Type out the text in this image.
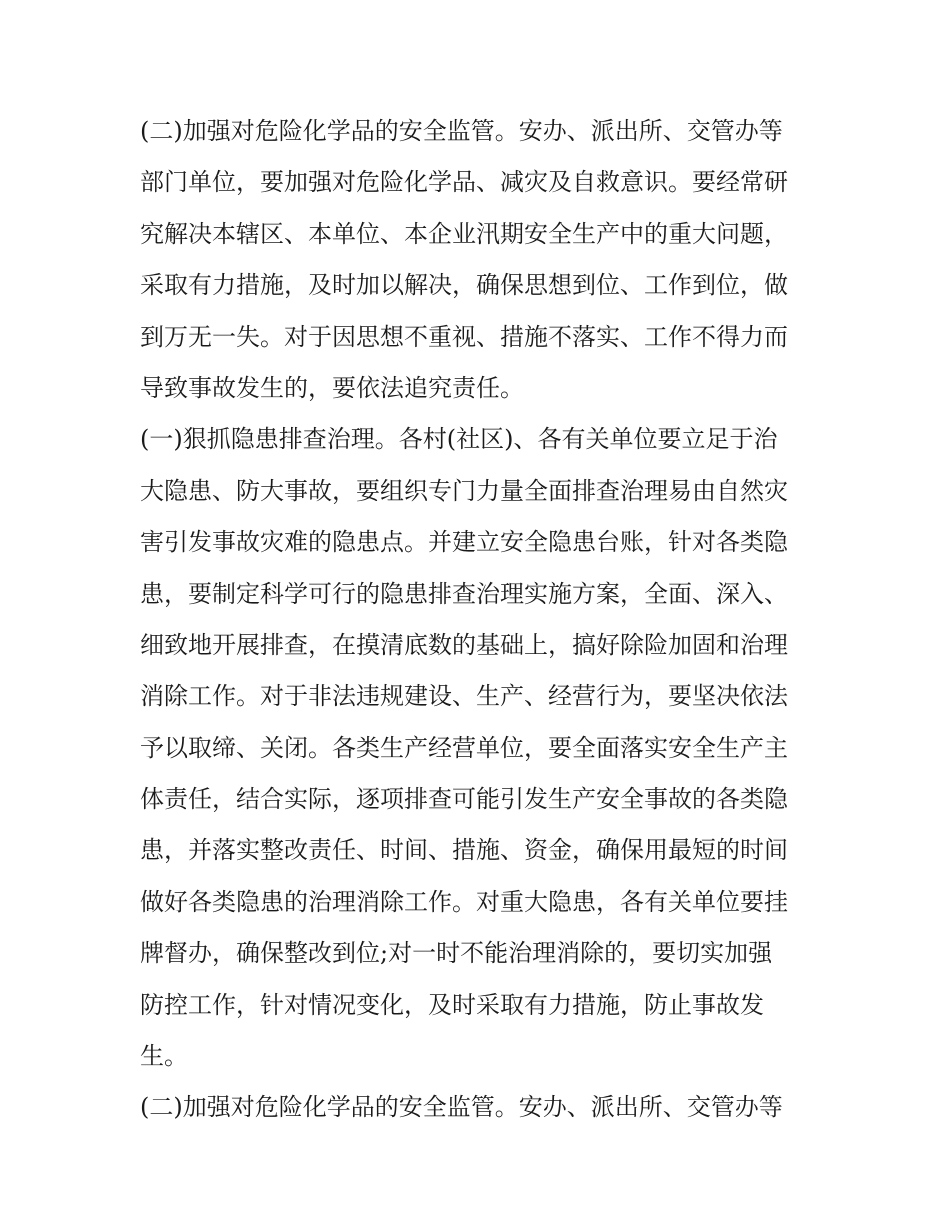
(二)加强对危险化学品的安全监管。安办、派出所、交管办等
部门单位，要加强对危险化学品、减灾及自救意识。要经常研
究解决本辖区、本单位、本企业汛期安全生产中的重大问题，
采取有力措施，及时加以解决，确保思想到位、工作到位，做
到万无一失。对于因思想不重视、措施不落实、工作不得力而
导致事故发生的，要依法追究责任。
(一)狠抓隐患排查治理。各村(社区)、各有关单位要立足于治
大隐患、防大事故，要组织专门力量全面排查治理易由自然灾
害引发事故灾难的隐患点。并建立安全隐患台账，针对各类隐
患，要制定科学可行的隐患排查治理实施方案，全面、深入、
细致地开展排查，在摸清底数的基础上，搞好除险加固和治理
消除工作。对于非法违规建设、生产、经营行为，要坚决依法
予以取缔、关闭。各类生产经营单位，要全面落实安全生产主
体责任，结合实际，逐项排查可能引发生产安全事故的各类隐
患，并落实整改责任、时间、措施、资金，确保用最短的时间
做好各类隐患的治理消除工作。对重大隐患，各有关单位要挂
牌督办，确保整改到位;对一时不能治理消除的，要切实加强
防控工作，针对情况变化，及时采取有力措施，防止事故发
生。
(二)加强对危险化学品的安全监管。安办、派出所、交管办等
